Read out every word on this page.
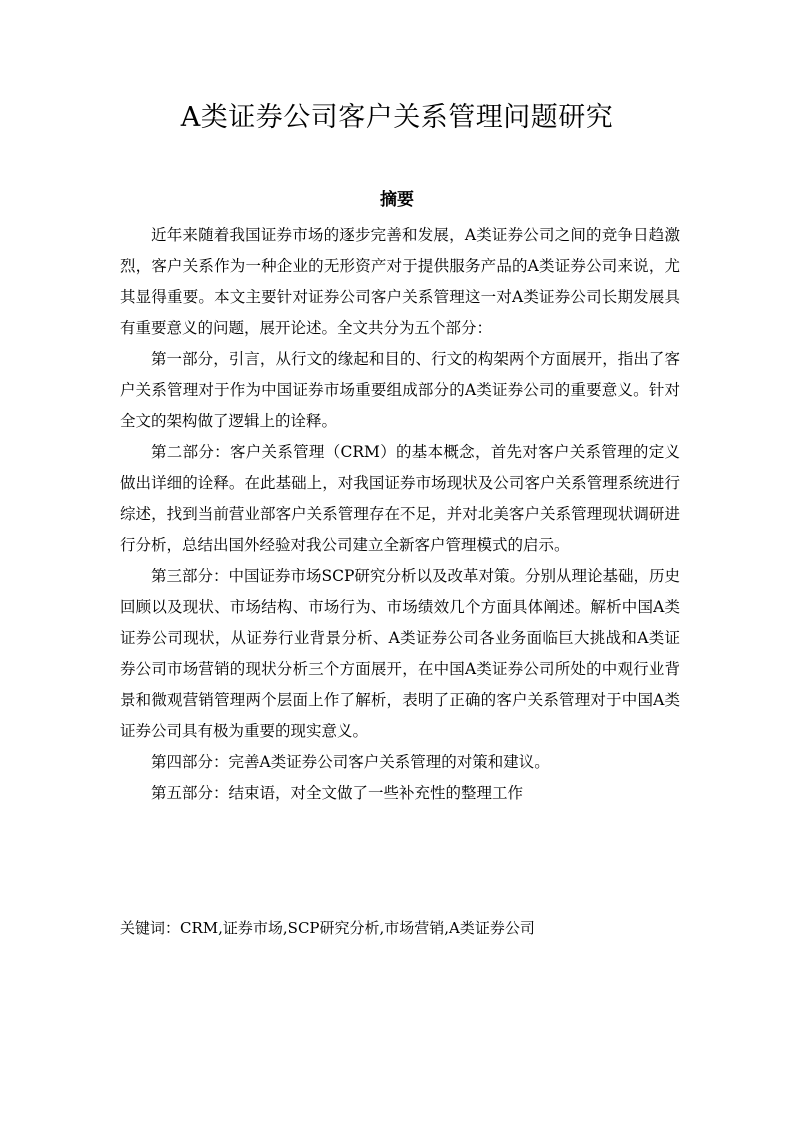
A类证券公司客户关系管理问题研究
摘要

近年来随着我国证券市场的逐步完善和发展，A类证券公司之间的竞争日趋激烈，客户关系作为一种企业的无形资产对于提供服务产品的A类证券公司来说，尤其显得重要。本文主要针对证券公司客户关系管理这一对A类证券公司长期发展具有重要意义的问题，展开论述。全文共分为五个部分：

第一部分，引言，从行文的缘起和目的、行文的构架两个方面展开，指出了客户关系管理对于作为中国证券市场重要组成部分的A类证券公司的重要意义。针对全文的架构做了逻辑上的诠释。

第二部分：客户关系管理（CRM）的基本概念，首先对客户关系管理的定义做出详细的诠释。在此基础上，对我国证券市场现状及公司客户关系管理系统进行综述，找到当前营业部客户关系管理存在不足，并对北美客户关系管理现状调研进行分析，总结出国外经验对我公司建立全新客户管理模式的启示。

第三部分：中国证券市场SCP研究分析以及改革对策。分别从理论基础，历史回顾以及现状、市场结构、市场行为、市场绩效几个方面具体阐述。解析中国A类证券公司现状，从证券行业背景分析、A类证券公司各业务面临巨大挑战和A类证券公司市场营销的现状分析三个方面展开，在中国A类证券公司所处的中观行业背景和微观营销管理两个层面上作了解析，表明了正确的客户关系管理对于中国A类证券公司具有极为重要的现实意义。

第四部分：完善A类证券公司客户关系管理的对策和建议。

第五部分：结束语，对全文做了一些补充性的整理工作

关键词：CRM,证券市场,SCP研究分析,市场营销,A类证券公司
